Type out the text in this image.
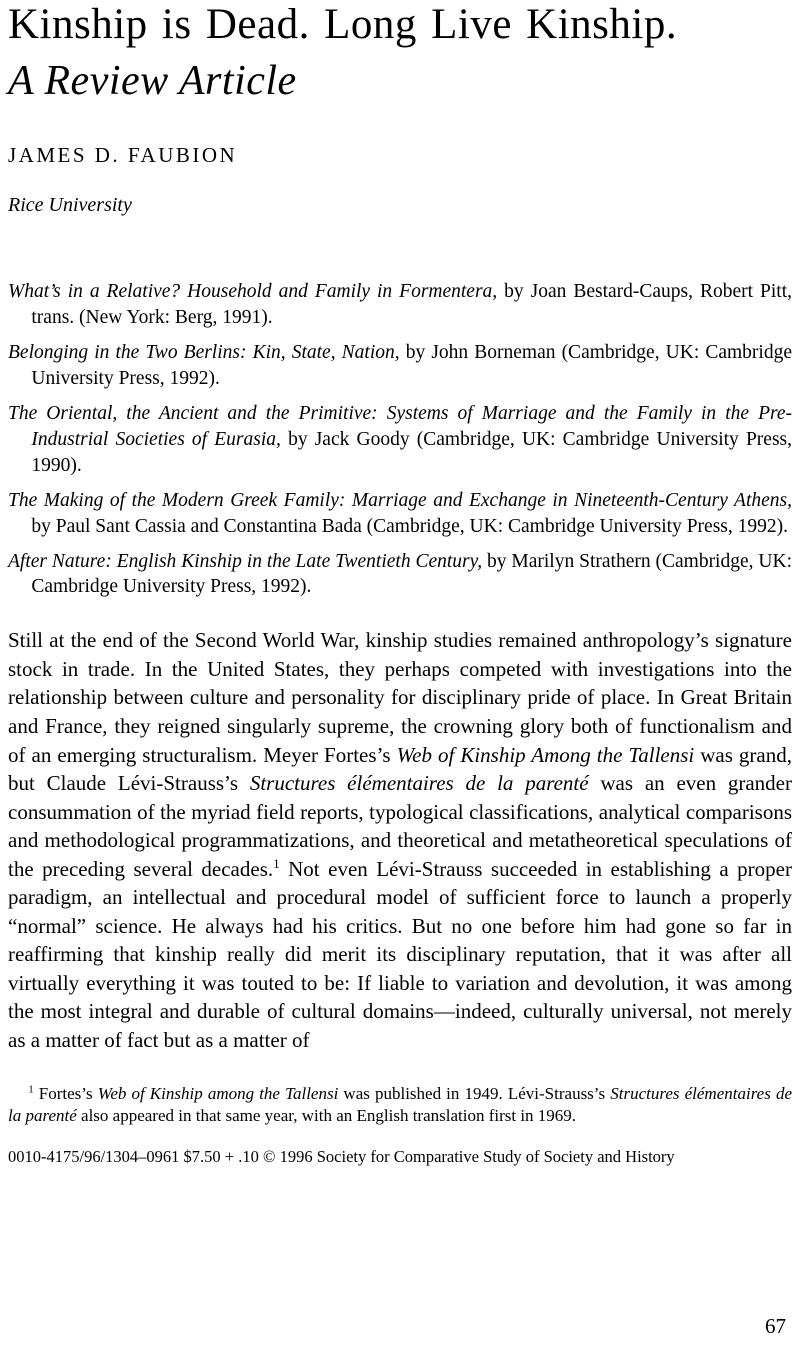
Kinship is Dead. Long Live Kinship.
A Review Article
JAMES D. FAUBION
Rice University
What’s in a Relative? Household and Family in Formentera, by Joan Bestard-Caups, Robert Pitt, trans. (New York: Berg, 1991).
Belonging in the Two Berlins: Kin, State, Nation, by John Borneman (Cambridge, UK: Cambridge University Press, 1992).
The Oriental, the Ancient and the Primitive: Systems of Marriage and the Family in the Pre-Industrial Societies of Eurasia, by Jack Goody (Cambridge, UK: Cambridge University Press, 1990).
The Making of the Modern Greek Family: Marriage and Exchange in Nineteenth-Century Athens, by Paul Sant Cassia and Constantina Bada (Cambridge, UK: Cambridge University Press, 1992).
After Nature: English Kinship in the Late Twentieth Century, by Marilyn Strathern (Cambridge, UK: Cambridge University Press, 1992).

Still at the end of the Second World War, kinship studies remained anthropology’s signature stock in trade. In the United States, they perhaps competed with investigations into the relationship between culture and personality for disciplinary pride of place. In Great Britain and France, they reigned singularly supreme, the crowning glory both of functionalism and of an emerging structuralism. Meyer Fortes’s Web of Kinship Among the Tallensi was grand, but Claude Lévi-Strauss’s Structures élémentaires de la parenté was an even grander consummation of the myriad field reports, typological classifications, analytical comparisons and methodological programmatizations, and theoretical and metatheoretical speculations of the preceding several decades.$^1$ Not even Lévi-Strauss succeeded in establishing a proper paradigm, an intellectual and procedural model of sufficient force to launch a properly “normal” science. He always had his critics. But no one before him had gone so far in reaffirming that kinship really did merit its disciplinary reputation, that it was after all virtually everything it was touted to be: If liable to variation and devolution, it was among the most integral and durable of cultural domains—indeed, culturally universal, not merely as a matter of fact but as a matter of

$^1$ Fortes’s Web of Kinship among the Tallensi was published in 1949. Lévi-Strauss’s Structures élémentaires de la parenté also appeared in that same year, with an English translation first in 1969.
0010-4175/96/1304–0961 $7.50 + .10 © 1996 Society for Comparative Study of Society and History
67
